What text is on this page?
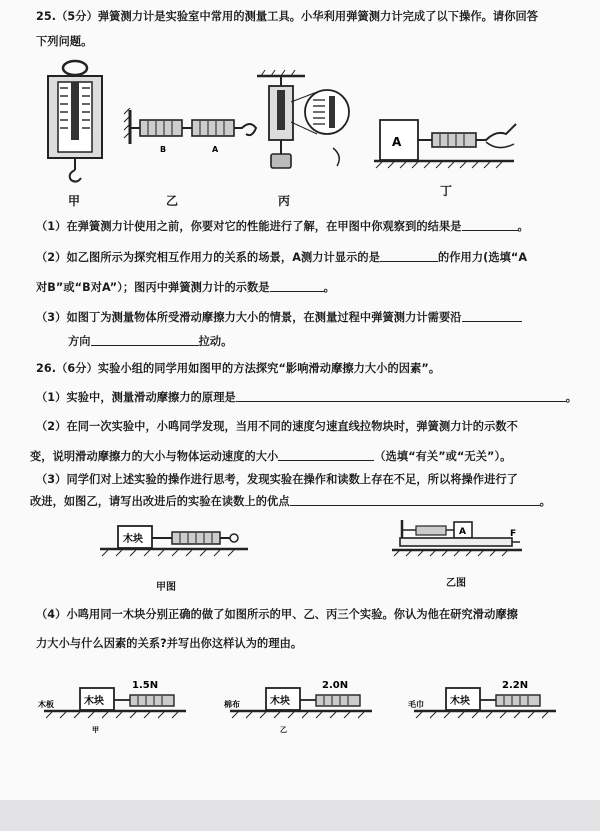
25.（5分）弹簧测力计是实验室中常用的测量工具。小华利用弹簧测力计完成了以下操作。请你回答
下列问题。
甲
B	A
乙	丙
A
丁
（1）在弹簧测力计使用之前，你要对它的性能进行了解，在甲图中你观察到的结果是	。
（2）如乙图所示为探究相互作用力的关系的场景，A测力计显示的是	的作用力(选填“A
对B”或“B对A”）；图丙中弹簧测力计的示数是	。
（3）如图丁为测量物体所受滑动摩擦力大小的情景，在测量过程中弹簧测力计需要沿
方向	拉动。
26.（6分）实验小组的同学用如图甲的方法探究“影响滑动摩擦力大小的因素”。
（1）实验中，测量滑动摩擦力的原理是	。
（2）在同一次实验中，小鸣同学发现，当用不同的速度匀速直线拉物块时，弹簧测力计的示数不
变，说明滑动摩擦力的大小与物体运动速度的大小	（选填“有关”或“无关”）。
（3）同学们对上述实验的操作进行思考，发现实验在操作和读数上存在不足，所以将操作进行了
改进，如图乙，请写出改进后的实验在读数上的优点	。
木块
甲图
A	F
乙图
（4）小鸣用同一木块分别正确的做了如图所示的甲、乙、丙三个实验。你认为他在研究滑动摩擦
力大小与什么因素的关系?并写出你这样认为的理由。
木板
1.5N
木块
甲
棉布
2.0N
木块
乙
毛巾
2.2N
木块
